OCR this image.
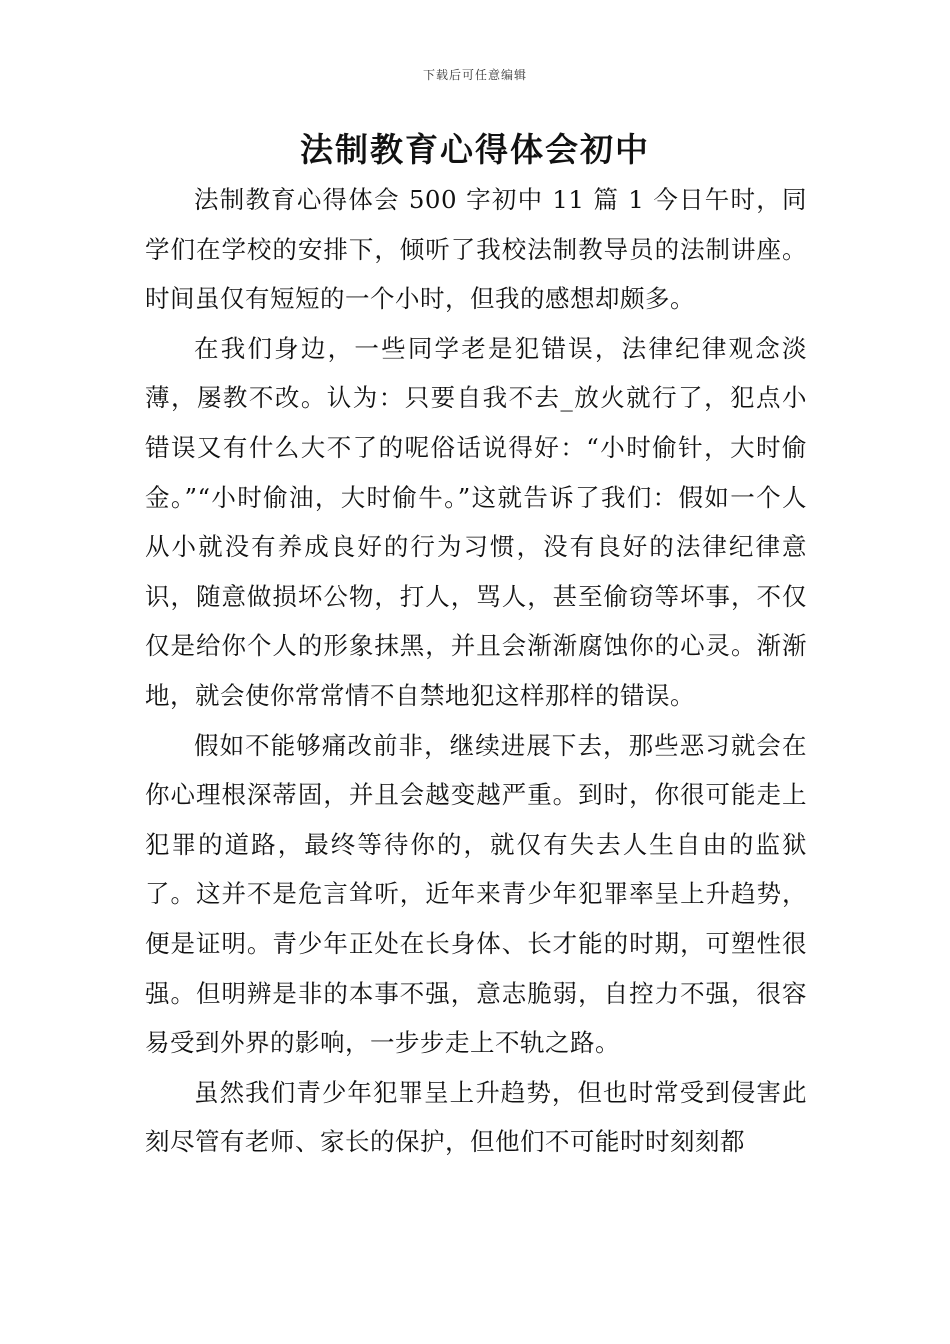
下载后可任意编辑
法制教育心得体会初中

法制教育心得体会 500 字初中 11 篇 1 今日午时，同学们在学校的安排下，倾听了我校法制教导员的法制讲座。时间虽仅有短短的一个小时，但我的感想却颇多。

在我们身边，一些同学老是犯错误，法律纪律观念淡薄，屡教不改。认为：只要自我不去_放火就行了，犯点小错误又有什么大不了的呢俗话说得好：“小时偷针，大时偷金。”“小时偷油，大时偷牛。”这就告诉了我们：假如一个人从小就没有养成良好的行为习惯，没有良好的法律纪律意识，随意做损坏公物，打人，骂人，甚至偷窃等坏事，不仅仅是给你个人的形象抹黑，并且会渐渐腐蚀你的心灵。渐渐地，就会使你常常情不自禁地犯这样那样的错误。

假如不能够痛改前非，继续进展下去，那些恶习就会在你心理根深蒂固，并且会越变越严重。到时，你很可能走上犯罪的道路，最终等待你的，就仅有失去人生自由的监狱了。这并不是危言耸听，近年来青少年犯罪率呈上升趋势，便是证明。青少年正处在长身体、长才能的时期，可塑性很强。但明辨是非的本事不强，意志脆弱，自控力不强，很容易受到外界的影响，一步步走上不轨之路。

虽然我们青少年犯罪呈上升趋势，但也时常受到侵害此刻尽管有老师、家长的保护，但他们不可能时时刻刻都
